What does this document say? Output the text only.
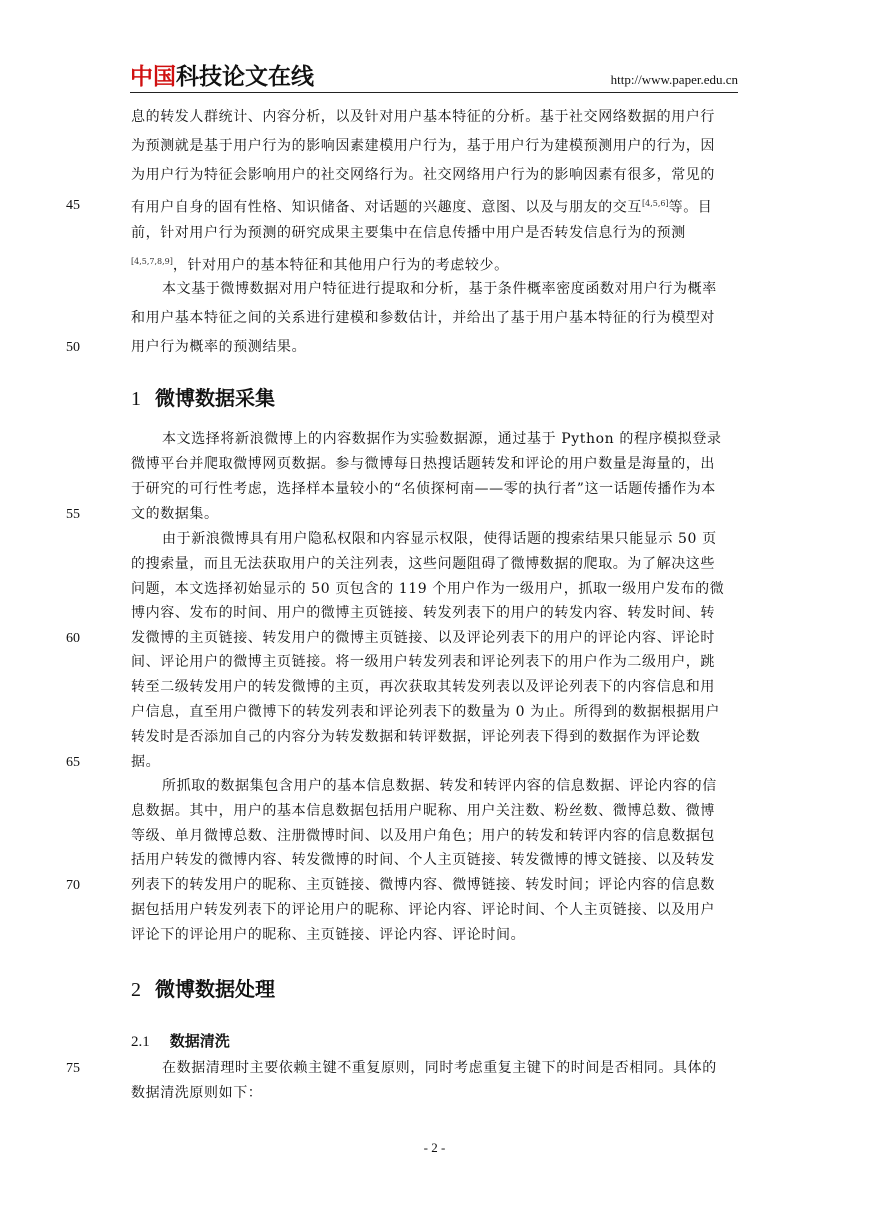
中国科技论文在线	http://www.paper.edu.cn
45
50
55
60
65
70
75
息的转发人群统计、内容分析，以及针对用户基本特征的分析。基于社交网络数据的用户行
为预测就是基于用户行为的影响因素建模用户行为，基于用户行为建模预测用户的行为，因
为用户行为特征会影响用户的社交网络行为。社交网络用户行为的影响因素有很多，常见的
有用户自身的固有性格、知识储备、对话题的兴趣度、意图、以及与朋友的交互[4,5,6]等。目
前，针对用户行为预测的研究成果主要集中在信息传播中用户是否转发信息行为的预测
[4,5,7,8,9]，针对用户的基本特征和其他用户行为的考虑较少。
本文基于微博数据对用户特征进行提取和分析，基于条件概率密度函数对用户行为概率
和用户基本特征之间的关系进行建模和参数估计，并给出了基于用户基本特征的行为模型对
用户行为概率的预测结果。
1 微博数据采集
本文选择将新浪微博上的内容数据作为实验数据源，通过基于 Python 的程序模拟登录
微博平台并爬取微博网页数据。参与微博每日热搜话题转发和评论的用户数量是海量的，出
于研究的可行性考虑，选择样本量较小的“名侦探柯南——零的执行者”这一话题传播作为本
文的数据集。
由于新浪微博具有用户隐私权限和内容显示权限，使得话题的搜索结果只能显示 50 页
的搜索量，而且无法获取用户的关注列表，这些问题阻碍了微博数据的爬取。为了解决这些
问题，本文选择初始显示的 50 页包含的 119 个用户作为一级用户，抓取一级用户发布的微
博内容、发布的时间、用户的微博主页链接、转发列表下的用户的转发内容、转发时间、转
发微博的主页链接、转发用户的微博主页链接、以及评论列表下的用户的评论内容、评论时
间、评论用户的微博主页链接。将一级用户转发列表和评论列表下的用户作为二级用户，跳
转至二级转发用户的转发微博的主页，再次获取其转发列表以及评论列表下的内容信息和用
户信息，直至用户微博下的转发列表和评论列表下的数量为 0 为止。所得到的数据根据用户
转发时是否添加自己的内容分为转发数据和转评数据，评论列表下得到的数据作为评论数
据。
所抓取的数据集包含用户的基本信息数据、转发和转评内容的信息数据、评论内容的信
息数据。其中，用户的基本信息数据包括用户昵称、用户关注数、粉丝数、微博总数、微博
等级、单月微博总数、注册微博时间、以及用户角色；用户的转发和转评内容的信息数据包
括用户转发的微博内容、转发微博的时间、个人主页链接、转发微博的博文链接、以及转发
列表下的转发用户的昵称、主页链接、微博内容、微博链接、转发时间；评论内容的信息数
据包括用户转发列表下的评论用户的昵称、评论内容、评论时间、个人主页链接、以及用户
评论下的评论用户的昵称、主页链接、评论内容、评论时间。
2 微博数据处理
2.1 数据清洗
在数据清理时主要依赖主键不重复原则，同时考虑重复主键下的时间是否相同。具体的
数据清洗原则如下：
- 2 -
